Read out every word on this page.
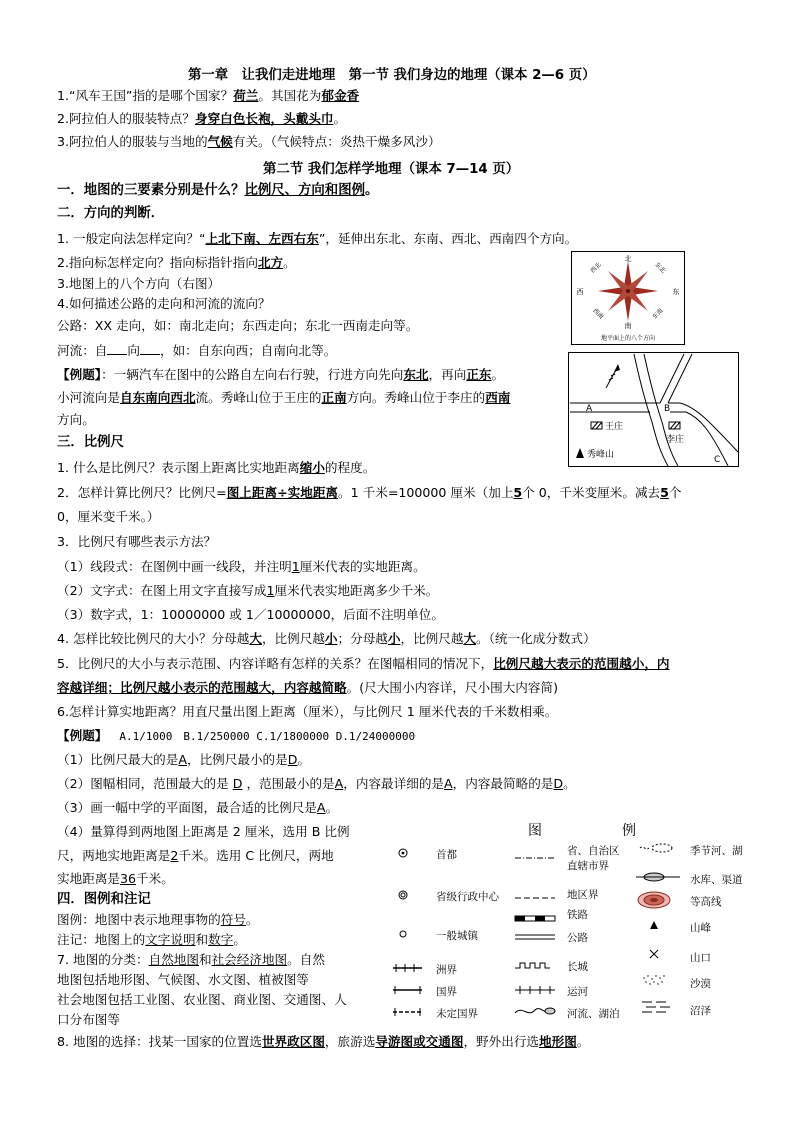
第一章　让我们走进地理　第一节 我们身边的地理（课本 2—6 页）
1.“风车王国”指的是哪个国家？荷兰。其国花为郁金香
2.阿拉伯人的服装特点？身穿白色长袍，头戴头巾。
3.阿拉伯人的服装与当地的气候有关。（气候特点：炎热干燥多风沙）
第二节 我们怎样学地理（课本 7—14 页）
一．地图的三要素分别是什么？比例尺、方向和图例。
二．方向的判断．
1. 一般定向法怎样定向？“上北下南、左西右东”，延伸出东北、东南、西北、西南四个方向。
2.指向标怎样定向？指向标指针指向北方。
3.地图上的八个方向（右图）
4.如何描述公路的走向和河流的流向？
公路：XX 走向，如：南北走向；东西走向；东北一西南走向等。
河流：自 向 ，如：自东向西；自南向北等。
【例题】：一辆汽车在图中的公路自左向右行驶，行进方向先向东北，再向正东。
小河流向是自东南向西北流。秀峰山位于王庄的正南方向。秀峰山位于李庄的西南
方向。
北
南
东
西
东北
西北
东南
西南
地平面上的八个方向
A	B
C
王庄
李庄
秀峰山
三．比例尺
1. 什么是比例尺？表示图上距离比实地距离缩小的程度。
2．怎样计算比例尺？比例尺=图上距离÷实地距离。1 千米=100000 厘米（加上5个 0，千米变厘米。减去5个
0，厘米变千米。）
3．比例尺有哪些表示方法？
（1）线段式：在图例中画一线段，并注明1厘米代表的实地距离。
（2）文字式：在图上用文字直接写成1厘米代表实地距离多少千米。
（3）数字式，1：10000000 或 1／10000000，后面不注明单位。
4. 怎样比较比例尺的大小？分母越大，比例尺越小；分母越小，比例尺越大。（统一化成分数式）
5．比例尺的大小与表示范围、内容详略有怎样的关系？在图幅相同的情况下，比例尺越大表示的范围越小，内
容越详细；比例尺越小表示的范围越大，内容越简略。(尺大围小内容详，尺小围大内容简)
6.怎样计算实地距离？用直尺量出图上距离（厘米），与比例尺 1 厘米代表的千米数相乘。
【例题】 A.1/1000　B.1/250000 C.1/1800000 D.1/24000000
（1）比例尺最大的是A，比例尺最小的是D。
（2）图幅相同，范围最大的是 D ，范围最小的是A，内容最详细的是A，内容最简略的是D。
（3）画一幅中学的平面图，最合适的比例尺是A。
（4）量算得到两地图上距离是 2 厘米，选用 B 比例
尺，两地实地距离是2千米。选用 C 比例尺，两地
实地距离是36千米。
四．图例和注记
图例：地图中表示地理事物的符号。
注记：地图上的文字说明和数字。
7. 地图的分类：自然地图和社会经济地图。自然
地图包括地形图、气候图、水文图、植被图等
社会地图包括工业图、农业图、商业图、交通图、人
口分布图等
8. 地图的选择：找某一国家的位置选世界政区图，旅游选导游图或交通图，野外出行选地形图。
图	例
首都
省级行政中心
一般城镇
洲界
国界
未定国界
省、自治区
直辖市界
地区界
铁路
公路
长城
运河
河流、湖泊
季节河、湖
水库、渠道
等高线
山峰
山口
沙漠
沼泽
